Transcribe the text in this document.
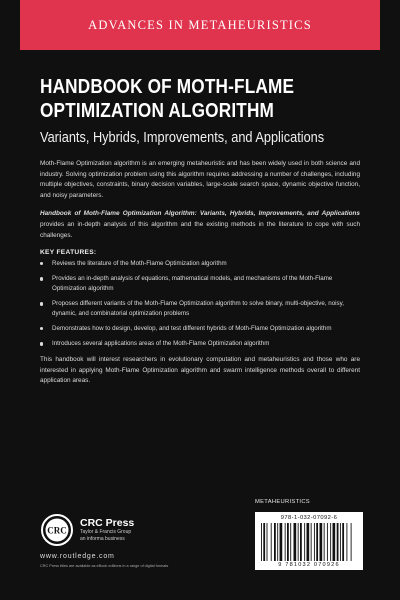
ADVANCES IN METAHEURISTICS
HANDBOOK OF MOTH-FLAME
OPTIMIZATION ALGORITHM
Variants, Hybrids, Improvements, and Applications

Moth-Flame Optimization algorithm is an emerging metaheuristic and has been widely used in both science and industry. Solving optimization problem using this algorithm requires addressing a number of challenges, including multiple objectives, constraints, binary decision variables, large-scale search space, dynamic objective function, and noisy parameters.

Handbook of Moth-Flame Optimization Algorithm: Variants, Hybrids, Improvements, and Applications provides an in-depth analysis of this algorithm and the existing methods in the literature to cope with such challenges.

KEY FEATURES:
Reviews the literature of the Moth-Flame Optimization algorithm
Provides an in-depth analysis of equations, mathematical models, and mechanisms of the Moth-Flame Optimization algorithm
Proposes different variants of the Moth-Flame Optimization algorithm to solve binary, multi-objective, noisy, dynamic, and combinatorial optimization problems
Demonstrates how to design, develop, and test different hybrids of Moth-Flame Optimization algorithm
Introduces several applications areas of the Moth-Flame Optimization algorithm

This handbook will interest researchers in evolutionary computation and metaheuristics and those who are interested in applying Moth-Flame Optimization algorithm and swarm intelligence methods overall to different application areas.

CRC
CRC Press
Taylor & Francis Group
an informa business
www.routledge.com
CRC Press titles are available as eBook editions in a range of digital formats
METAHEURISTICS
978-1-032-07092-6
9 781032 070926
